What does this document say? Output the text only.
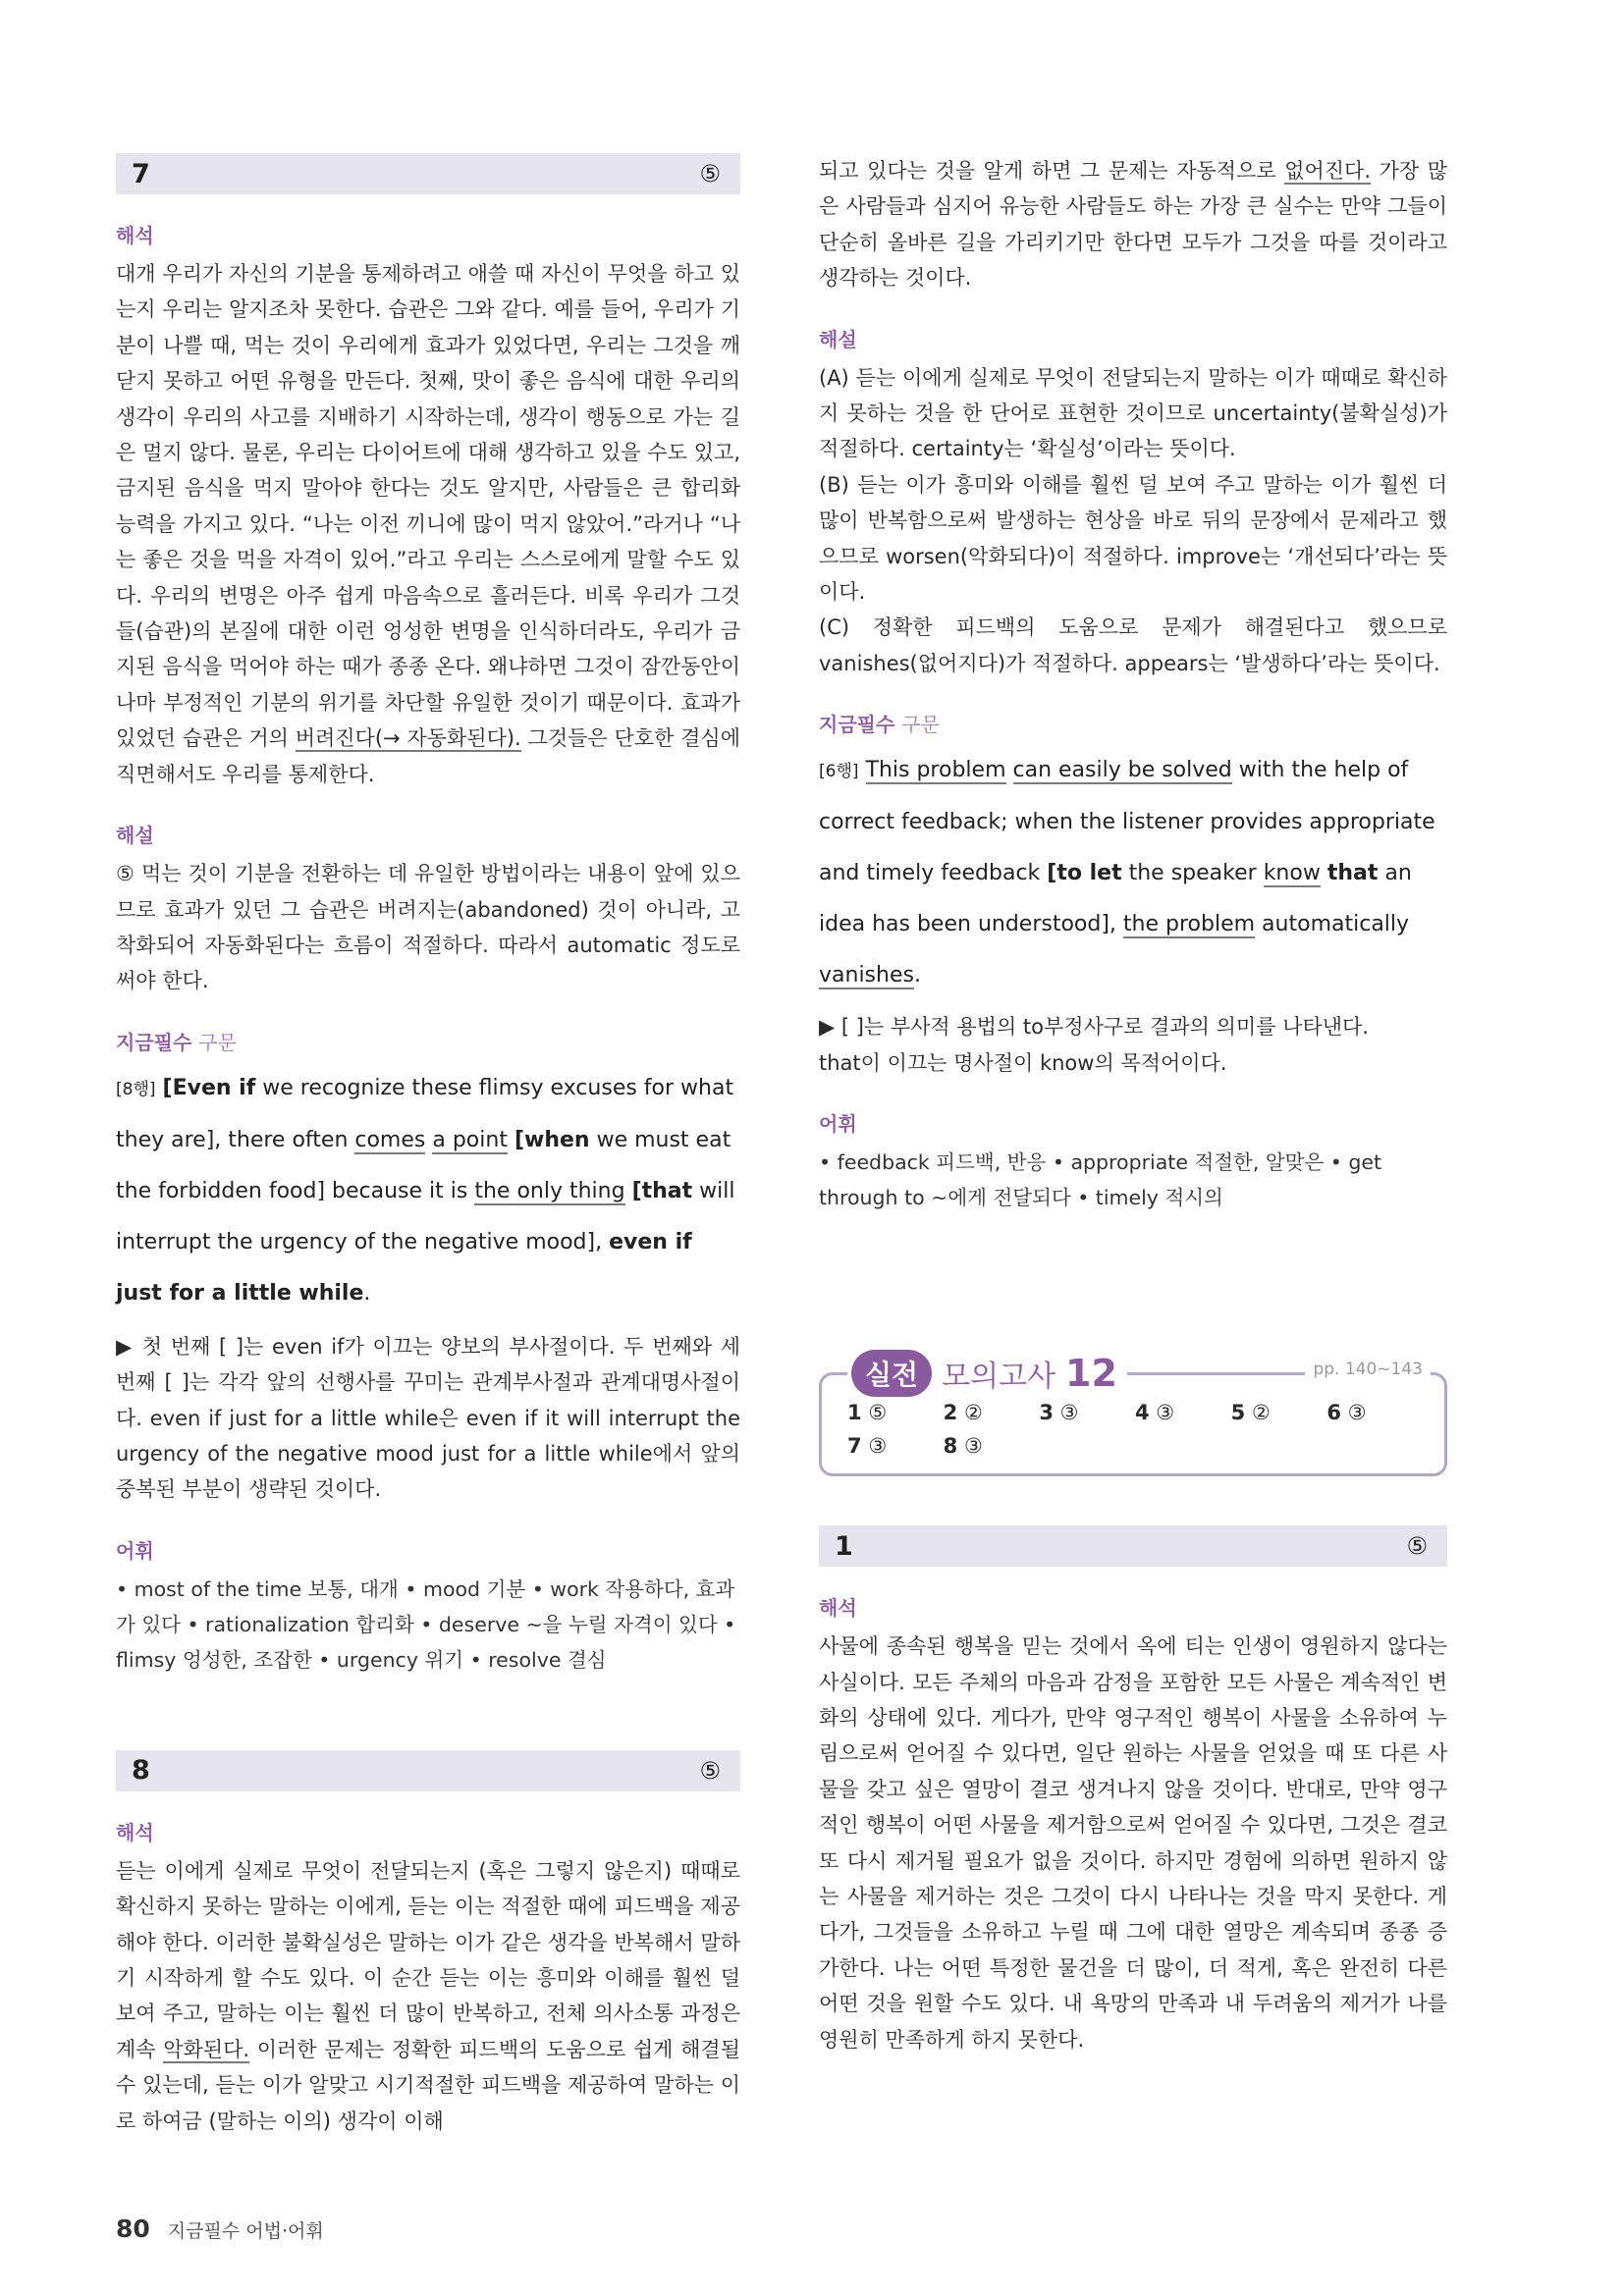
7	⑤
해석

대개 우리가 자신의 기분을 통제하려고 애쓸 때 자신이 무엇을 하고 있는지 우리는 알지조차 못한다. 습관은 그와 같다. 예를 들어, 우리가 기분이 나쁠 때, 먹는 것이 우리에게 효과가 있었다면, 우리는 그것을 깨닫지 못하고 어떤 유형을 만든다. 첫째, 맛이 좋은 음식에 대한 우리의 생각이 우리의 사고를 지배하기 시작하는데, 생각이 행동으로 가는 길은 멀지 않다. 물론, 우리는 다이어트에 대해 생각하고 있을 수도 있고, 금지된 음식을 먹지 말아야 한다는 것도 알지만, 사람들은 큰 합리화 능력을 가지고 있다. “나는 이전 끼니에 많이 먹지 않았어.”라거나 “나는 좋은 것을 먹을 자격이 있어.”라고 우리는 스스로에게 말할 수도 있다. 우리의 변명은 아주 쉽게 마음속으로 흘러든다. 비록 우리가 그것들(습관)의 본질에 대한 이런 엉성한 변명을 인식하더라도, 우리가 금지된 음식을 먹어야 하는 때가 종종 온다. 왜냐하면 그것이 잠깐동안이나마 부정적인 기분의 위기를 차단할 유일한 것이기 때문이다. 효과가 있었던 습관은 거의 버려진다(→ 자동화된다). 그것들은 단호한 결심에 직면해서도 우리를 통제한다.

해설

⑤ 먹는 것이 기분을 전환하는 데 유일한 방법이라는 내용이 앞에 있으므로 효과가 있던 그 습관은 버려지는(abandoned) 것이 아니라, 고착화되어 자동화된다는 흐름이 적절하다. 따라서 automatic 정도로 써야 한다.

지금필수 구문
[8행] [Even if we recognize these flimsy excuses for what they are], there often comes a point [when we must eat the forbidden food] because it is the only thing [that will interrupt the urgency of the negative mood], even if just for a little while.

▶ 첫 번째 [ ]는 even if가 이끄는 양보의 부사절이다. 두 번째와 세 번째 [ ]는 각각 앞의 선행사를 꾸미는 관계부사절과 관계대명사절이다. even if just for a little while은 even if it will interrupt the urgency of the negative mood just for a little while에서 앞의 중복된 부분이 생략된 것이다.

어휘
• most of the time 보통, 대개 • mood 기분 • work 작용하다, 효과가 있다 • rationalization 합리화 • deserve ~을 누릴 자격이 있다 • flimsy 엉성한, 조잡한 • urgency 위기 • resolve 결심
8	⑤
해석

듣는 이에게 실제로 무엇이 전달되는지 (혹은 그렇지 않은지) 때때로 확신하지 못하는 말하는 이에게, 듣는 이는 적절한 때에 피드백을 제공해야 한다. 이러한 불확실성은 말하는 이가 같은 생각을 반복해서 말하기 시작하게 할 수도 있다. 이 순간 듣는 이는 흥미와 이해를 훨씬 덜 보여 주고, 말하는 이는 훨씬 더 많이 반복하고, 전체 의사소통 과정은 계속 악화된다. 이러한 문제는 정확한 피드백의 도움으로 쉽게 해결될 수 있는데, 듣는 이가 알맞고 시기적절한 피드백을 제공하여 말하는 이로 하여금 (말하는 이의) 생각이 이해

되고 있다는 것을 알게 하면 그 문제는 자동적으로 없어진다. 가장 많은 사람들과 심지어 유능한 사람들도 하는 가장 큰 실수는 만약 그들이 단순히 올바른 길을 가리키기만 한다면 모두가 그것을 따를 것이라고 생각하는 것이다.

해설

(A) 듣는 이에게 실제로 무엇이 전달되는지 말하는 이가 때때로 확신하지 못하는 것을 한 단어로 표현한 것이므로 uncertainty(불확실성)가 적절하다. certainty는 ‘확실성’이라는 뜻이다.

(B) 듣는 이가 흥미와 이해를 훨씬 덜 보여 주고 말하는 이가 훨씬 더 많이 반복함으로써 발생하는 현상을 바로 뒤의 문장에서 문제라고 했으므로 worsen(악화되다)이 적절하다. improve는 ‘개선되다’라는 뜻이다.

(C) 정확한 피드백의 도움으로 문제가 해결된다고 했으므로 vanishes(없어지다)가 적절하다. appears는 ‘발생하다’라는 뜻이다.

지금필수 구문
[6행] This problem can easily be solved with the help of correct feedback; when the listener provides appropriate and timely feedback [to let the speaker know that an idea has been understood], the problem automatically vanishes.

▶ [ ]는 부사적 용법의 to부정사구로 결과의 의미를 나타낸다.

that이 이끄는 명사절이 know의 목적어이다.

어휘
• feedback 피드백, 반응 • appropriate 적절한, 알맞은 • get through to ~에게 전달되다 • timely 적시의
실전 모의고사 12	pp. 140~143
1 ⑤	2 ②	3 ③	4 ③	5 ②	6 ③
7 ③	8 ③
1	⑤
해석

사물에 종속된 행복을 믿는 것에서 옥에 티는 인생이 영원하지 않다는 사실이다. 모든 주체의 마음과 감정을 포함한 모든 사물은 계속적인 변화의 상태에 있다. 게다가, 만약 영구적인 행복이 사물을 소유하여 누림으로써 얻어질 수 있다면, 일단 원하는 사물을 얻었을 때 또 다른 사물을 갖고 싶은 열망이 결코 생겨나지 않을 것이다. 반대로, 만약 영구적인 행복이 어떤 사물을 제거함으로써 얻어질 수 있다면, 그것은 결코 또 다시 제거될 필요가 없을 것이다. 하지만 경험에 의하면 원하지 않는 사물을 제거하는 것은 그것이 다시 나타나는 것을 막지 못한다. 게다가, 그것들을 소유하고 누릴 때 그에 대한 열망은 계속되며 종종 증가한다. 나는 어떤 특정한 물건을 더 많이, 더 적게, 혹은 완전히 다른 어떤 것을 원할 수도 있다. 내 욕망의 만족과 내 두려움의 제거가 나를 영원히 만족하게 하지 못한다.

80 지금필수 어법·어휘
